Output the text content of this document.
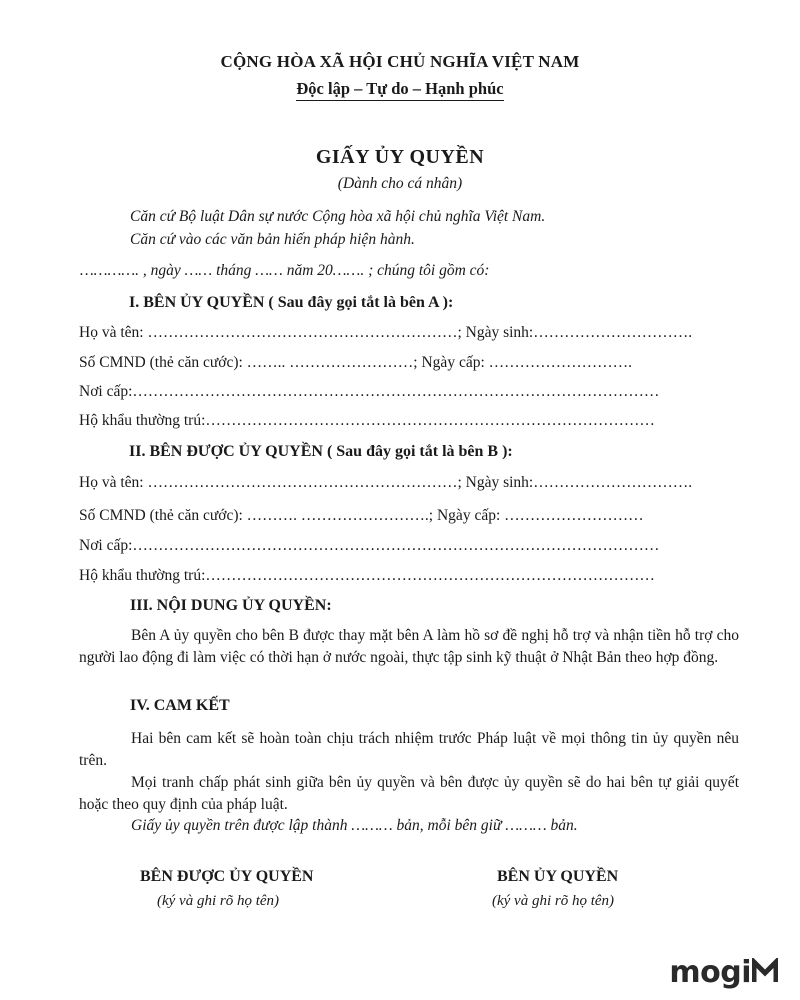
CỘNG HÒA XÃ HỘI CHỦ NGHĨA VIỆT NAM
Độc lập – Tự do – Hạnh phúc
GIẤY ỦY QUYỀN
(Dành cho cá nhân)
Căn cứ Bộ luật Dân sự nước Cộng hòa xã hội chủ nghĩa Việt Nam.
Căn cứ vào các văn bản hiến pháp hiện hành.
…………. , ngày …… tháng …… năm 20……. ; chúng tôi gồm có:
I. BÊN ỦY QUYỀN ( Sau đây gọi tắt là bên A ):
Họ và tên: ……………………………………………………; Ngày sinh:………………………….
Số CMND (thẻ căn cước): …….. ……………………; Ngày cấp: ……………………….
Nơi cấp:…………………………………………………………………………………………
Hộ khẩu thường trú:……………………………………………………………………………
II. BÊN ĐƯỢC ỦY QUYỀN ( Sau đây gọi tắt là bên B ):
Họ và tên: ……………………………………………………; Ngày sinh:………………………….
Số CMND (thẻ căn cước): ………. …………………….; Ngày cấp: ………………………
Nơi cấp:…………………………………………………………………………………………
Hộ khẩu thường trú:……………………………………………………………………………
III. NỘI DUNG ỦY QUYỀN:
Bên A ủy quyền cho bên B được thay mặt bên A làm hồ sơ đề nghị hỗ trợ và nhận tiền hỗ trợ cho người lao động đi làm việc có thời hạn ở nước ngoài, thực tập sinh kỹ thuật ở Nhật Bản theo hợp đồng.
IV. CAM KẾT
Hai bên cam kết sẽ hoàn toàn chịu trách nhiệm trước Pháp luật về mọi thông tin ủy quyền nêu trên.
Mọi tranh chấp phát sinh giữa bên ủy quyền và bên được ủy quyền sẽ do hai bên tự giải quyết hoặc theo quy định của pháp luật.
Giấy ủy quyền trên được lập thành ……… bản, mỗi bên giữ ……… bản.
BÊN ĐƯỢC ỦY QUYỀN
(ký và ghi rõ họ tên)
BÊN ỦY QUYỀN
(ký và ghi rõ họ tên)
mogi
